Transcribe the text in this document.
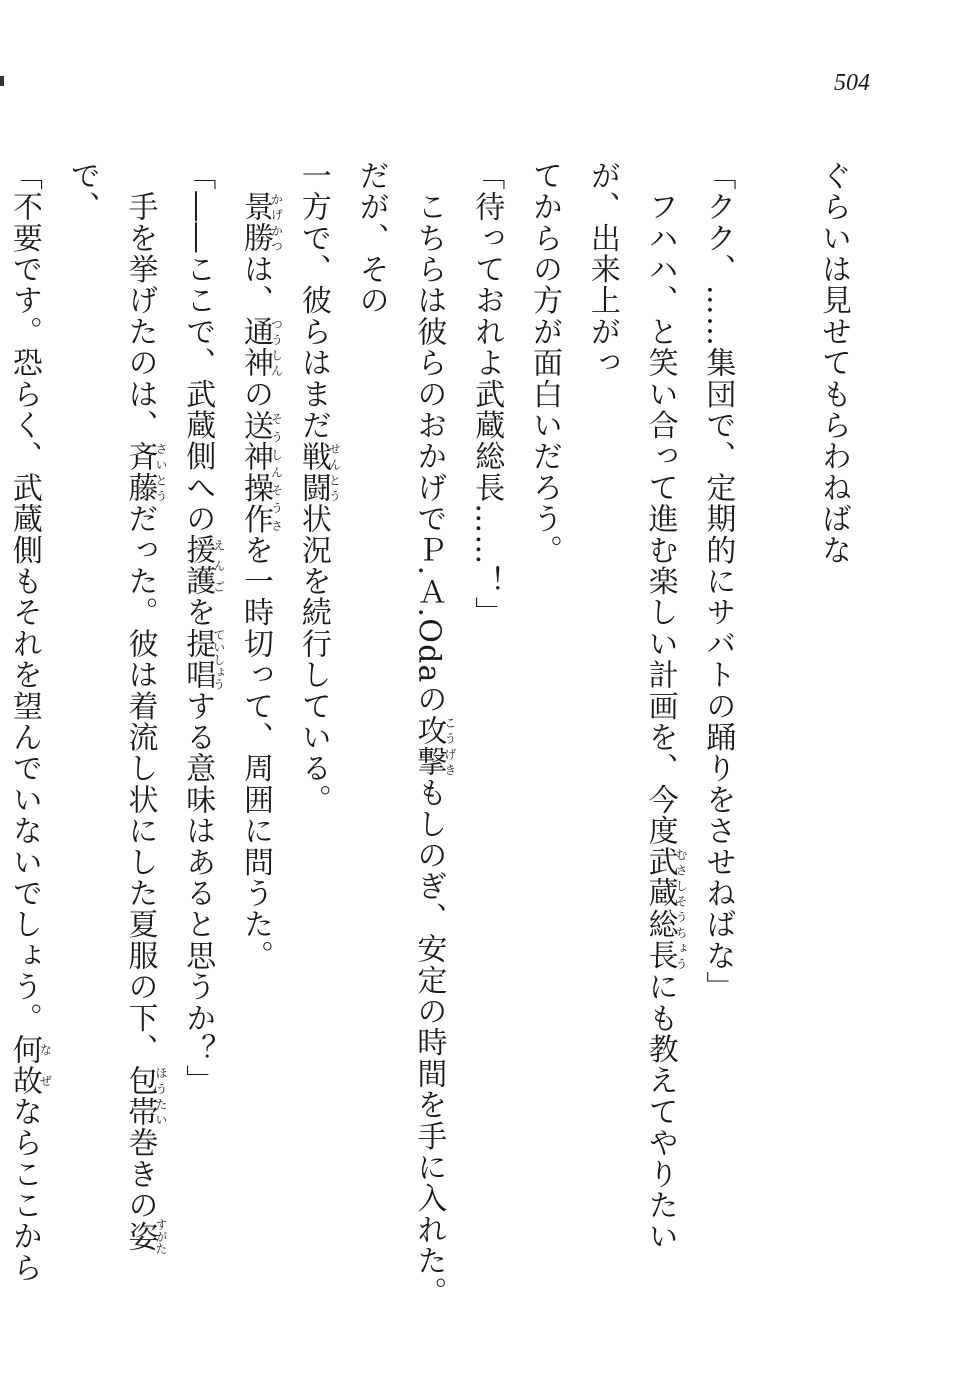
504

ぐらいは見せてもらわねばな

「クク、……集団で、定期的にサバトの踊りをさせねばな」

　フハハ、と笑い合って進む楽しい計画を、今度武蔵総長むさしそうちょうにも教えてやりたいが、出来上がっ

てからの方が面白いだろう。

「待っておれよ武蔵総長……！」

　こちらは彼らのおかげでＰ.Ａ.Odaの攻撃こうげきもしのぎ、安定の時間を手に入れた。だが、その

一方で、彼らはまだ戦闘せんとう状況を続行している。

　景勝かげかつは、通神つうしんの送神操作そうしんそうさを一時切って、周囲に問うた。

「――ここで、武蔵側への援護えんごを提唱ていしょうする意味はあると思うか？」

　手を挙げたのは、斉藤さいとうだった。彼は着流し状にした夏服の下、包帯ほうたい巻きの姿すがたで、

「不要です。恐らく、武蔵側もそれを望んでいないでしょう。何故なぜならここから
